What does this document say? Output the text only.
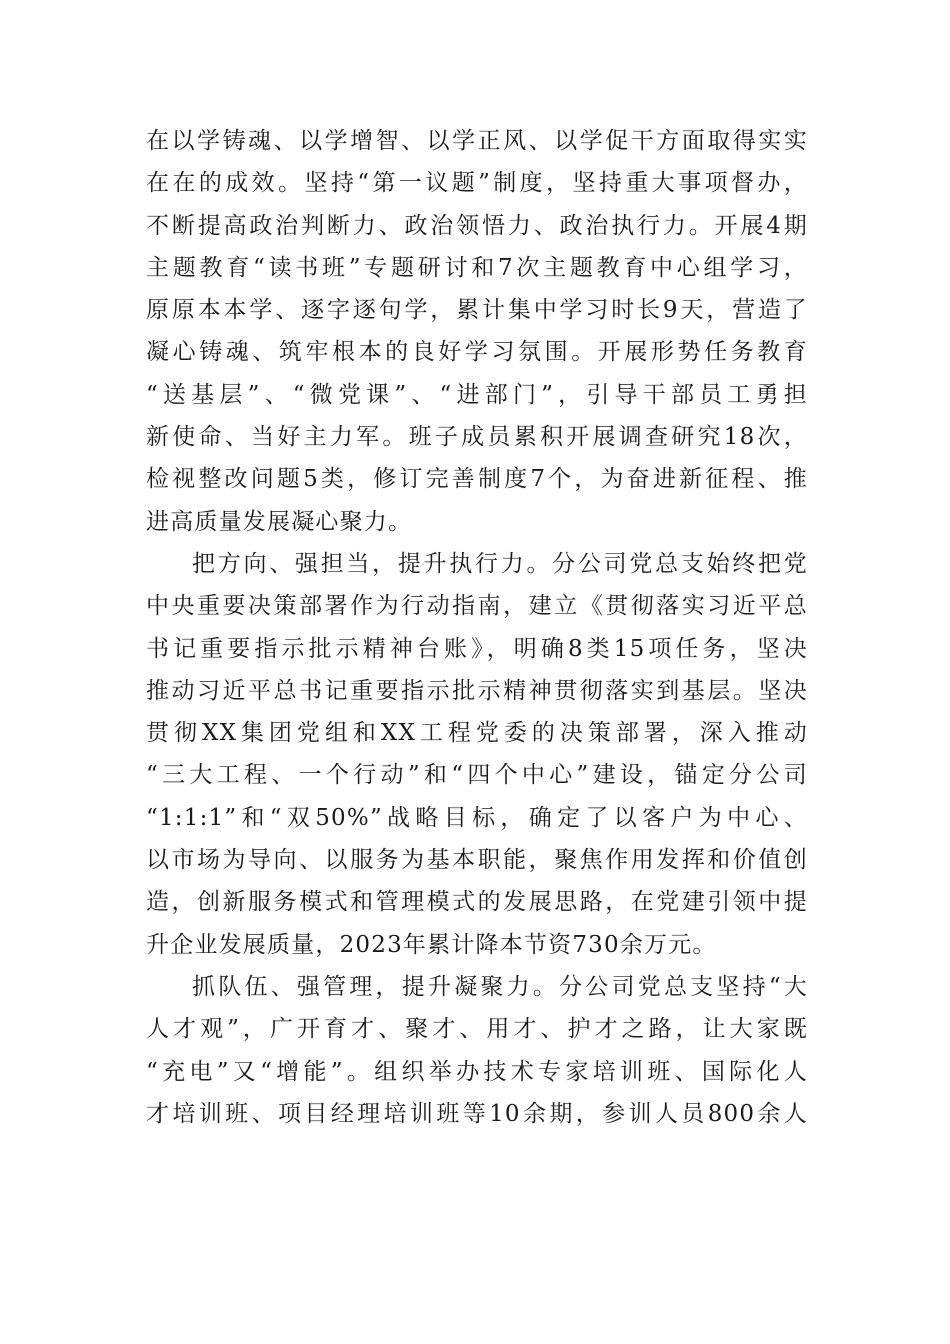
在以学铸魂、以学增智、以学正风、以学促干方面取得实实
在在的成效。坚持“第一议题”制度，坚持重大事项督办，
不断提高政治判断力、政治领悟力、政治执行力。开展4期
主题教育“读书班”专题研讨和7次主题教育中心组学习，
原原本本学、逐字逐句学，累计集中学习时长9天，营造了
凝心铸魂、筑牢根本的良好学习氛围。开展形势任务教育
“送基层”、“微党课”、“进部门”，引导干部员工勇担
新使命、当好主力军。班子成员累积开展调查研究18次，
检视整改问题5类，修订完善制度7个，为奋进新征程、推
进高质量发展凝心聚力。
把方向、强担当，提升执行力。分公司党总支始终把党
中央重要决策部署作为行动指南，建立《贯彻落实习近平总
书记重要指示批示精神台账》，明确8类15项任务，坚决
推动习近平总书记重要指示批示精神贯彻落实到基层。坚决
贯彻XX集团党组和XX工程党委的决策部署，深入推动
“三大工程、一个行动”和“四个中心”建设，锚定分公司
“1:1:1”和“双50%”战略目标，确定了以客户为中心、
以市场为导向、以服务为基本职能，聚焦作用发挥和价值创
造，创新服务模式和管理模式的发展思路，在党建引领中提
升企业发展质量，2023年累计降本节资730余万元。
抓队伍、强管理，提升凝聚力。分公司党总支坚持“大
人才观”，广开育才、聚才、用才、护才之路，让大家既
“充电”又“增能”。组织举办技术专家培训班、国际化人
才培训班、项目经理培训班等10余期，参训人员800余人
